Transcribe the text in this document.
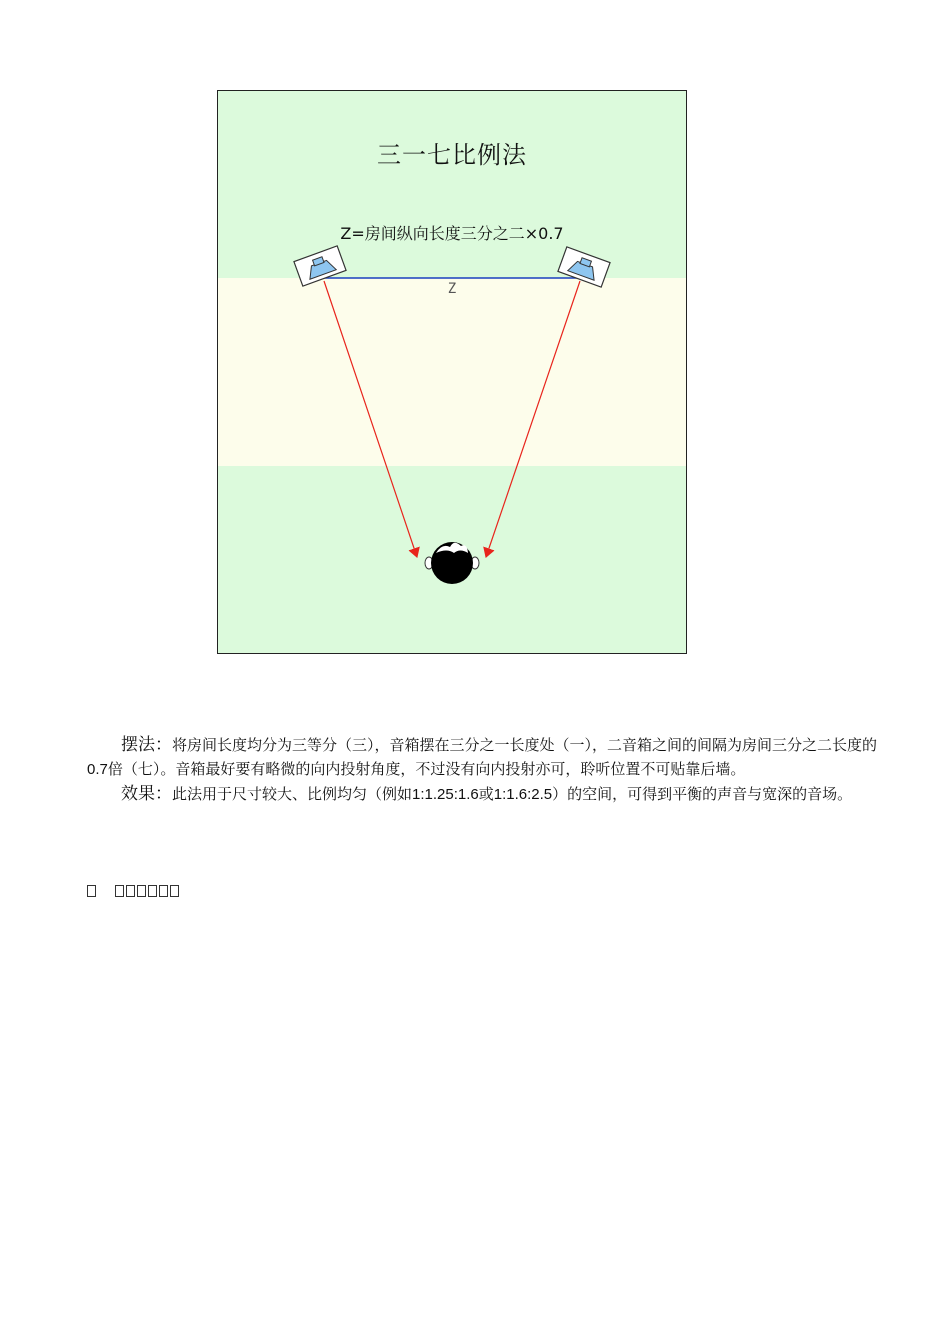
三一七比例法
Z=房间纵向长度三分之二×0.7
Z

摆法：将房间长度均分为三等分（三），音箱摆在三分之一长度处（一），二音箱之间的间隔为房间三分之二长度的0.7倍（七）。音箱最好要有略微的向内投射角度，不过没有向内投射亦可，聆听位置不可贴靠后墙。

效果：此法用于尺寸较大、比例均匀（例如1:1.25:1.6或1:1.6:2.5）的空间，可得到平衡的声音与宽深的音场。
